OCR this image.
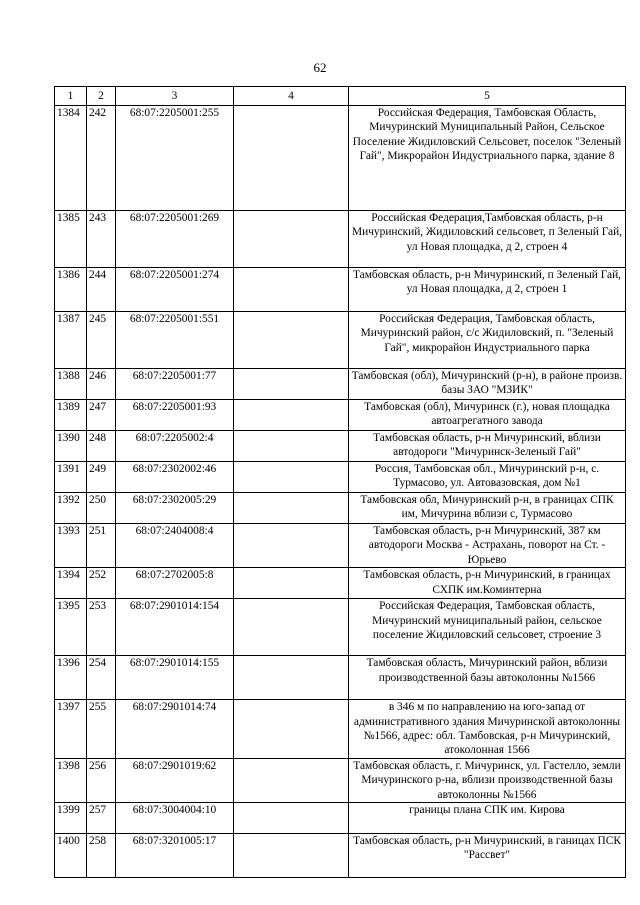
62
1	2	3	4	5
1384	242	68:07:2205001:255		Российская Федерация, Тамбовская Область, Мичуринский Муниципальный Район, Сельское Поселение Жидиловский Сельсовет, поселок "Зеленый Гай", Микрорайон Индустриального парка, здание 8
1385	243	68:07:2205001:269		Российская Федерация,Тамбовская область, р-н Мичуринский, Жидиловский сельсовет, п Зеленый Гай, ул Новая площадка, д 2, строен 4
1386	244	68:07:2205001:274		Тамбовская область, р-н Мичуринский, п Зеленый Гай, ул Новая площадка, д 2, строен 1
1387	245	68:07:2205001:551		Российская Федерация, Тамбовская область, Мичуринский район, с/с Жидиловский, п. "Зеленый Гай", микрорайон Индустриального парка
1388	246	68:07:2205001:77		Тамбовская (обл), Мичуринский (р-н), в районе произв. базы ЗАО "МЗИК"
1389	247	68:07:2205001:93		Тамбовская (обл), Мичуринск (г.), новая площадка автоагрегатного завода
1390	248	68:07:2205002:4		Тамбовская область, р-н Мичуринский, вблизи автодороги "Мичуринск-Зеленый Гай"
1391	249	68:07:2302002:46		Россия, Тамбовская обл., Мичуринский р-н, с. Турмасово, ул. Автовазовская, дом №1
1392	250	68:07:2302005:29		Тамбовская обл, Мичуринский р-н, в границах СПК им, Мичурина вблизи с, Турмасово
1393	251	68:07:2404008:4		Тамбовская область, р-н Мичуринский, 387 км автодороги Москва - Астрахань, поворот на Ст. - Юрьево
1394	252	68:07:2702005:8		Тамбовская область, р-н Мичуринский, в границах СХПК им.Коминтерна
1395	253	68:07:2901014:154		Российская Федерация, Тамбовская область, Мичуринский муниципальный район, сельское поселение Жидиловский сельсовет, строение 3
1396	254	68:07:2901014:155		Тамбовская область, Мичуринский район, вблизи производственной базы автоколонны №1566
1397	255	68:07:2901014:74		в 346 м по направлению на юго-запад от административного здания Мичуринской автоколонны №1566, адрес: обл. Тамбовская, р-н Мичуринский, атоколонная 1566
1398	256	68:07:2901019:62		Тамбовская область, г. Мичуринск, ул. Гастелло, земли Мичуринского р-на, вблизи производственной базы автоколонны №1566
1399	257	68:07:3004004:10		границы плана СПК им. Кирова
1400	258	68:07:3201005:17		Тамбовская область, р-н Мичуринский, в ганицах ПСК "Рассвет"
